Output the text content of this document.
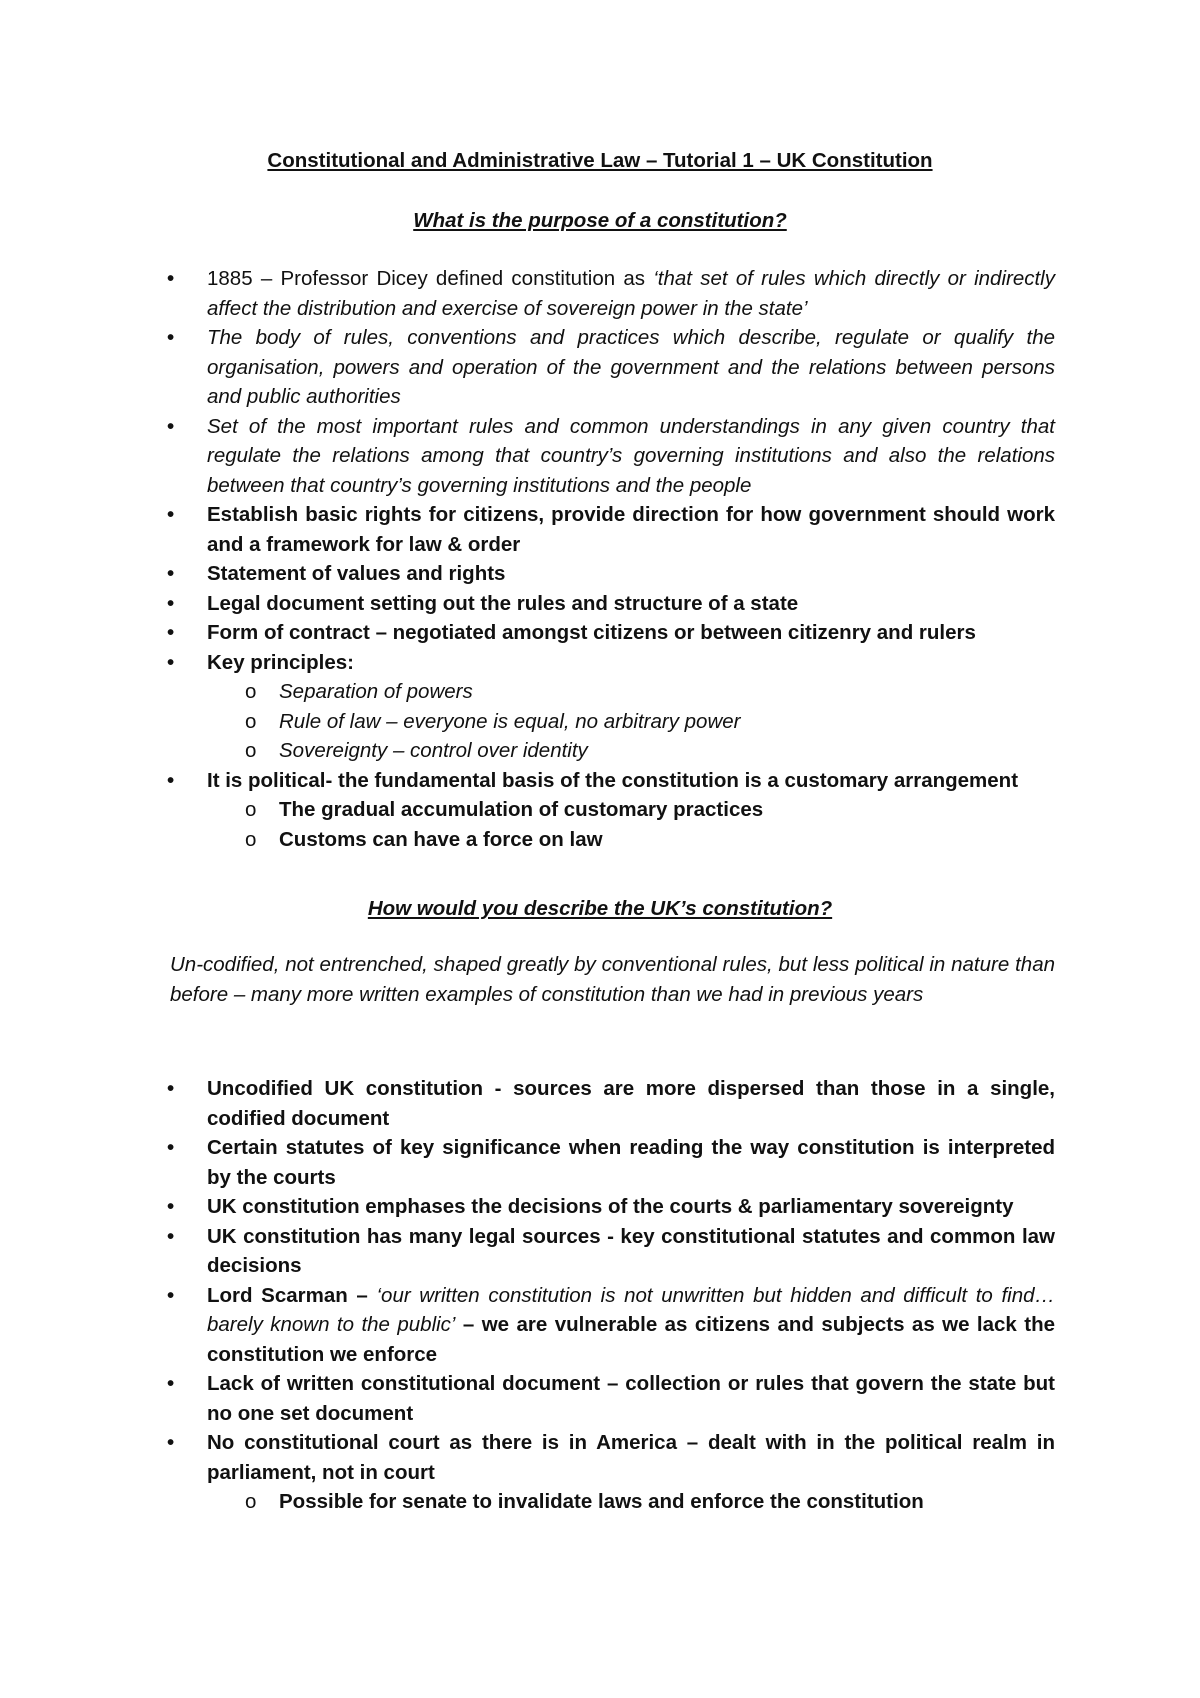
Constitutional and Administrative Law – Tutorial 1 – UK Constitution
What is the purpose of a constitution?
• 1885 – Professor Dicey defined constitution as ‘that set of rules which directly or indirectly affect the distribution and exercise of sovereign power in the state’
• The body of rules, conventions and practices which describe, regulate or qualify the organisation, powers and operation of the government and the relations between persons and public authorities
• Set of the most important rules and common understandings in any given country that regulate the relations among that country’s governing institutions and also the relations between that country’s governing institutions and the people
• Establish basic rights for citizens, provide direction for how government should work and a framework for law & order
• Statement of values and rights
• Legal document setting out the rules and structure of a state
• Form of contract – negotiated amongst citizens or between citizenry and rulers
• Key principles:
o Separation of powers
o Rule of law – everyone is equal, no arbitrary power
o Sovereignty – control over identity
• It is political- the fundamental basis of the constitution is a customary arrangement
o The gradual accumulation of customary practices
o Customs can have a force on law
How would you describe the UK’s constitution?

Un-codified, not entrenched, shaped greatly by conventional rules, but less political in nature than before – many more written examples of constitution than we had in previous years

• Uncodified UK constitution - sources are more dispersed than those in a single, codified document
• Certain statutes of key significance when reading the way constitution is interpreted by the courts
• UK constitution emphases the decisions of the courts & parliamentary sovereignty
• UK constitution has many legal sources - key constitutional statutes and common law decisions
• Lord Scarman – ‘our written constitution is not unwritten but hidden and difficult to find…barely known to the public’ – we are vulnerable as citizens and subjects as we lack the constitution we enforce
• Lack of written constitutional document – collection or rules that govern the state but no one set document
• No constitutional court as there is in America – dealt with in the political realm in parliament, not in court
o Possible for senate to invalidate laws and enforce the constitution
